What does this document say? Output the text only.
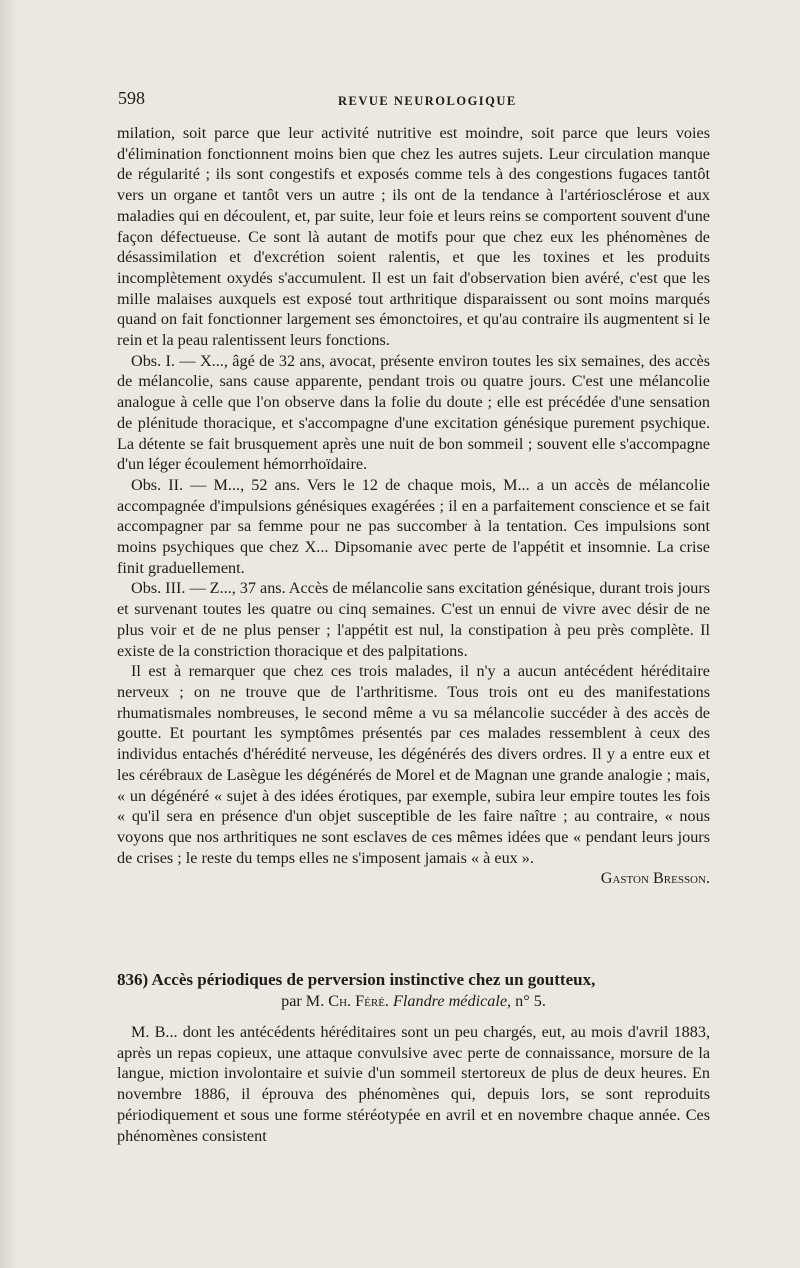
598	REVUE NEUROLOGIQUE

milation, soit parce que leur activité nutritive est moindre, soit parce que leurs voies d'élimination fonctionnent moins bien que chez les autres sujets. Leur circulation manque de régularité ; ils sont congestifs et exposés comme tels à des congestions fugaces tantôt vers un organe et tantôt vers un autre ; ils ont de la tendance à l'artériosclérose et aux maladies qui en découlent, et, par suite, leur foie et leurs reins se comportent souvent d'une façon défectueuse. Ce sont là autant de motifs pour que chez eux les phénomènes de désassimilation et d'excrétion soient ralentis, et que les toxines et les produits incomplètement oxydés s'accumulent. Il est un fait d'observation bien avéré, c'est que les mille malaises auxquels est exposé tout arthritique disparaissent ou sont moins marqués quand on fait fonctionner largement ses émonctoires, et qu'au contraire ils augmentent si le rein et la peau ralentissent leurs fonctions.

Obs. I. — X..., âgé de 32 ans, avocat, présente environ toutes les six semaines, des accès de mélancolie, sans cause apparente, pendant trois ou quatre jours. C'est une mélancolie analogue à celle que l'on observe dans la folie du doute ; elle est précédée d'une sensation de plénitude thoracique, et s'accompagne d'une excitation génésique purement psychique. La détente se fait brusquement après une nuit de bon sommeil ; souvent elle s'accompagne d'un léger écoulement hémorrhoïdaire.

Obs. II. — M..., 52 ans. Vers le 12 de chaque mois, M... a un accès de mélancolie accompagnée d'impulsions génésiques exagérées ; il en a parfaitement conscience et se fait accompagner par sa femme pour ne pas succomber à la tentation. Ces impulsions sont moins psychiques que chez X... Dipsomanie avec perte de l'appétit et insomnie. La crise finit graduellement.

Obs. III. — Z..., 37 ans. Accès de mélancolie sans excitation génésique, durant trois jours et survenant toutes les quatre ou cinq semaines. C'est un ennui de vivre avec désir de ne plus voir et de ne plus penser ; l'appétit est nul, la constipation à peu près complète. Il existe de la constriction thoracique et des palpitations.

Il est à remarquer que chez ces trois malades, il n'y a aucun antécédent héréditaire nerveux ; on ne trouve que de l'arthritisme. Tous trois ont eu des manifestations rhumatismales nombreuses, le second même a vu sa mélancolie succéder à des accès de goutte. Et pourtant les symptômes présentés par ces malades ressemblent à ceux des individus entachés d'hérédité nerveuse, les dégénérés des divers ordres. Il y a entre eux et les cérébraux de Lasègue les dégénérés de Morel et de Magnan une grande analogie ; mais, « un dégénéré « sujet à des idées érotiques, par exemple, subira leur empire toutes les fois « qu'il sera en présence d'un objet susceptible de les faire naître ; au contraire, « nous voyons que nos arthritiques ne sont esclaves de ces mêmes idées que « pendant leurs jours de crises ; le reste du temps elles ne s'imposent jamais « à eux ».

Gaston Bresson.

836) Accès périodiques de perversion instinctive chez un goutteux,
par M. Ch. Féré. Flandre médicale, n° 5.

M. B... dont les antécédents héréditaires sont un peu chargés, eut, au mois d'avril 1883, après un repas copieux, une attaque convulsive avec perte de connaissance, morsure de la langue, miction involontaire et suivie d'un sommeil stertoreux de plus de deux heures. En novembre 1886, il éprouva des phénomènes qui, depuis lors, se sont reproduits périodiquement et sous une forme stéréotypée en avril et en novembre chaque année. Ces phénomènes consistent
